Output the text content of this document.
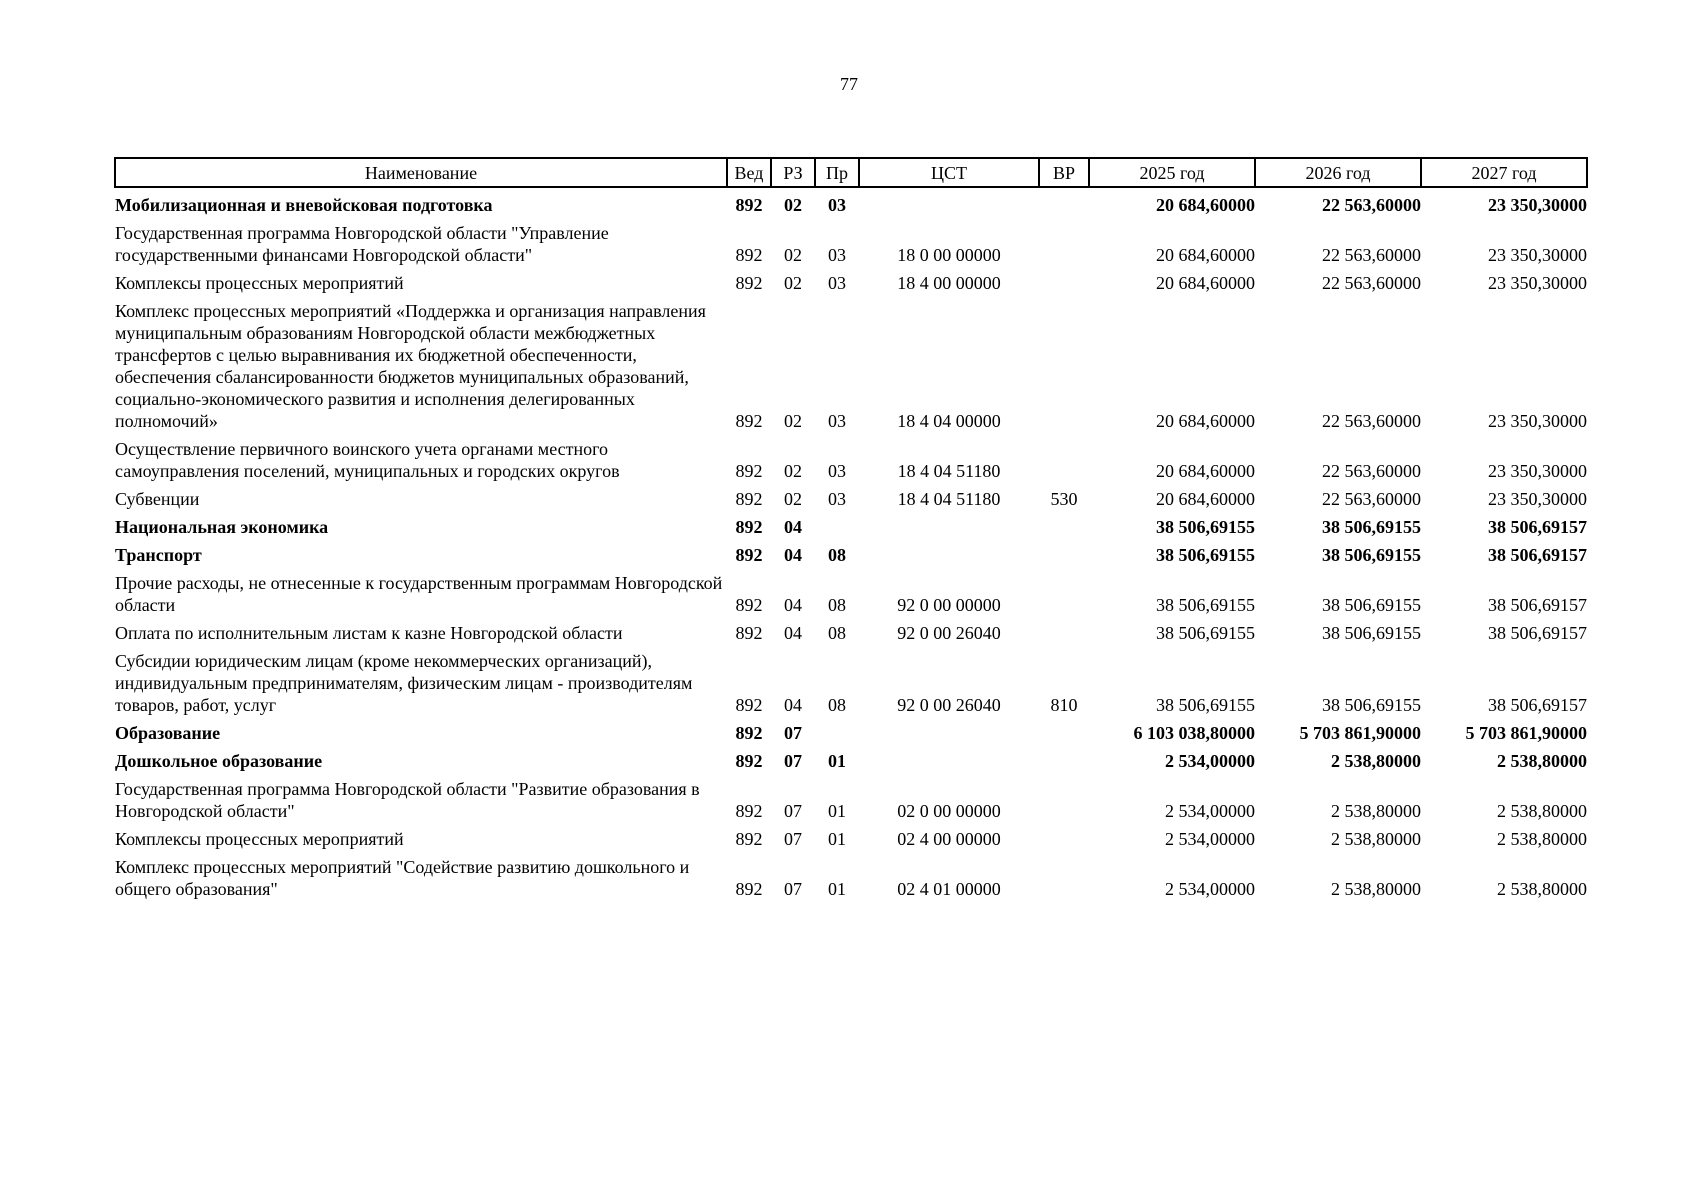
77
Наименование	Вед	РЗ	Пр	ЦСТ	ВР	2025 год	2026 год	2027 год
Мобилизационная и вневойсковая подготовка	892	02	03			20 684,60000	22 563,60000	23 350,30000
Государственная программа Новгородской области "Управление государственными финансами Новгородской области"	892	02	03	18 0 00 00000		20 684,60000	22 563,60000	23 350,30000
Комплексы процессных мероприятий	892	02	03	18 4 00 00000		20 684,60000	22 563,60000	23 350,30000
Комплекс процессных мероприятий «Поддержка и организация направления муниципальным образованиям Новгородской области межбюджетных трансфертов с целью выравнивания их бюджетной обеспеченности, обеспечения сбалансированности бюджетов муниципальных образований, социально-экономического развития и исполнения делегированных полномочий»	892	02	03	18 4 04 00000		20 684,60000	22 563,60000	23 350,30000
Осуществление первичного воинского учета органами местного самоуправления поселений, муниципальных и городских округов	892	02	03	18 4 04 51180		20 684,60000	22 563,60000	23 350,30000
Субвенции	892	02	03	18 4 04 51180	530	20 684,60000	22 563,60000	23 350,30000
Национальная экономика	892	04				38 506,69155	38 506,69155	38 506,69157
Транспорт	892	04	08			38 506,69155	38 506,69155	38 506,69157
Прочие расходы, не отнесенные к государственным программам Новгородской области	892	04	08	92 0 00 00000		38 506,69155	38 506,69155	38 506,69157
Оплата по исполнительным листам к казне Новгородской области	892	04	08	92 0 00 26040		38 506,69155	38 506,69155	38 506,69157
Субсидии юридическим лицам (кроме некоммерческих организаций), индивидуальным предпринимателям, физическим лицам - производителям товаров, работ, услуг	892	04	08	92 0 00 26040	810	38 506,69155	38 506,69155	38 506,69157
Образование	892	07				6 103 038,80000	5 703 861,90000	5 703 861,90000
Дошкольное образование	892	07	01			2 534,00000	2 538,80000	2 538,80000
Государственная программа Новгородской области "Развитие образования в Новгородской области"	892	07	01	02 0 00 00000		2 534,00000	2 538,80000	2 538,80000
Комплексы процессных мероприятий	892	07	01	02 4 00 00000		2 534,00000	2 538,80000	2 538,80000
Комплекс процессных мероприятий "Содействие развитию дошкольного и общего образования"	892	07	01	02 4 01 00000		2 534,00000	2 538,80000	2 538,80000
